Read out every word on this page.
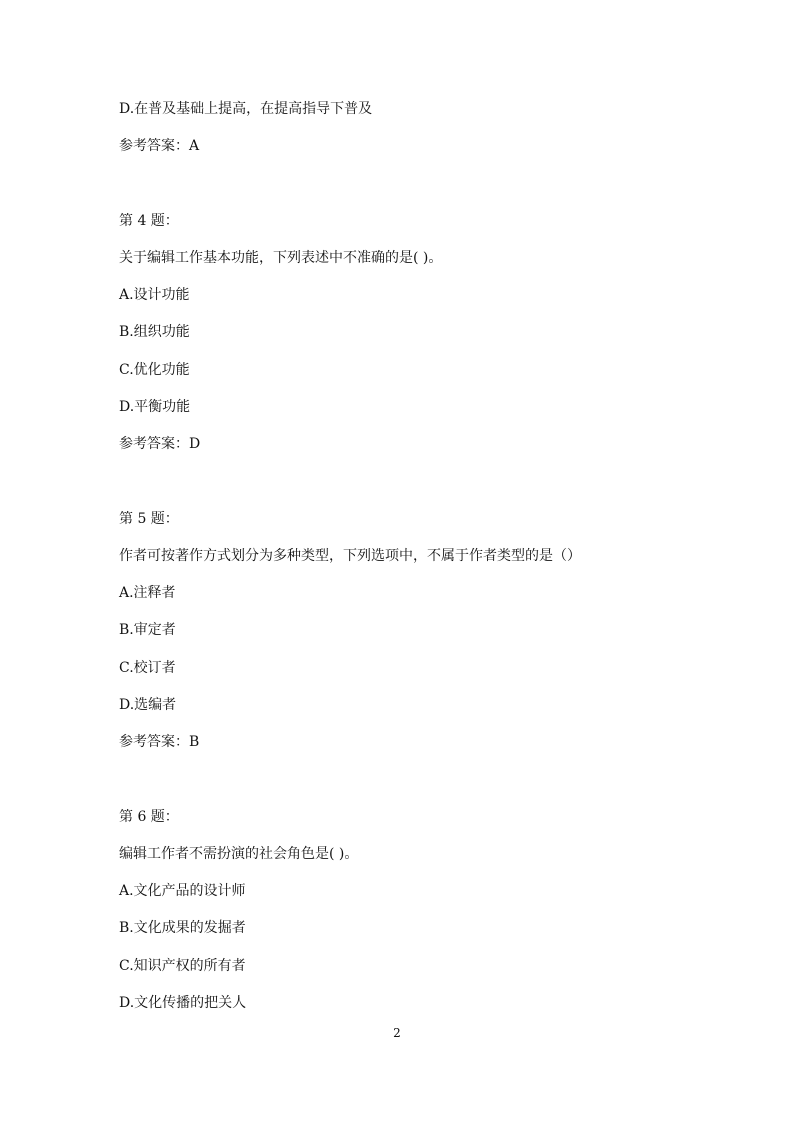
D.在普及基础上提高，在提高指导下普及
参考答案：A
第 4 题：
关于编辑工作基本功能，下列表述中不准确的是( )。
A.设计功能
B.组织功能
C.优化功能
D.平衡功能
参考答案：D
第 5 题：
作者可按著作方式划分为多种类型，下列选项中，不属于作者类型的是（）
A.注释者
B.审定者
C.校订者
D.选编者
参考答案：B
第 6 题：
编辑工作者不需扮演的社会角色是( )。
A.文化产品的设计师
B.文化成果的发掘者
C.知识产权的所有者
D.文化传播的把关人
2
